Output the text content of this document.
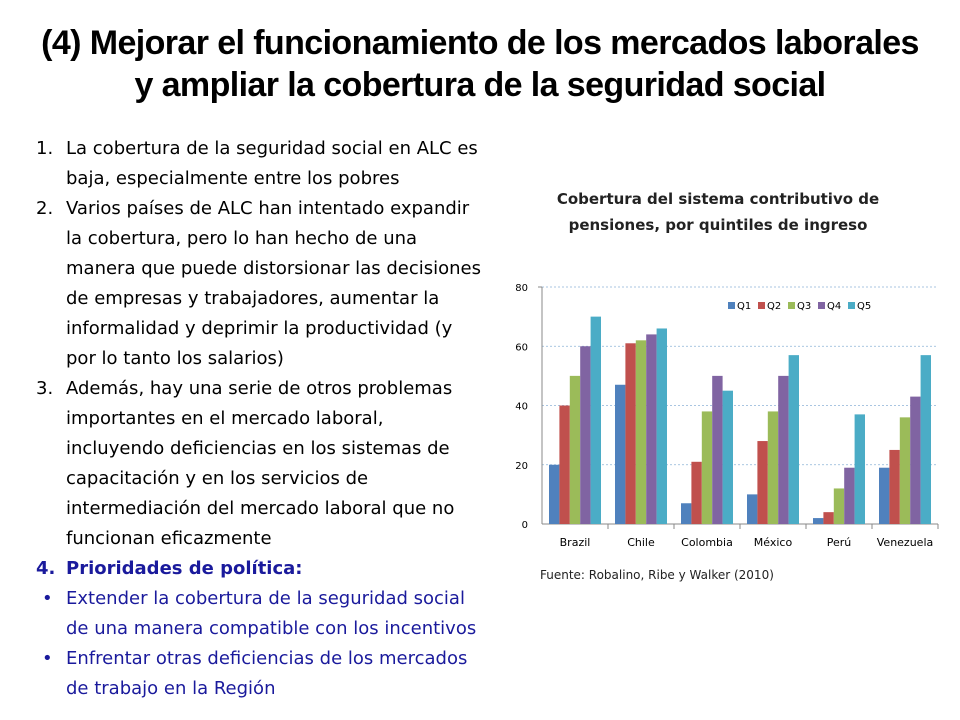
(4) Mejorar el funcionamiento de los mercados laborales
y ampliar la cobertura de la seguridad social
1. La cobertura de la seguridad social en ALC es baja, especialmente entre los pobres
2. Varios países de ALC han intentado expandir la cobertura, pero lo han hecho de una manera que puede distorsionar las decisiones de empresas y trabajadores, aumentar la informalidad y deprimir la productividad (y por lo tanto los salarios)
3. Además, hay una serie de otros problemas importantes en el mercado laboral, incluyendo deficiencias en los sistemas de capacitación y en los servicios de intermediación del mercado laboral que no funcionan eficazmente
4. Prioridades de política:
• Extender la cobertura de la seguridad social de una manera compatible con los incentivos
• Enfrentar otras deficiencias de los mercados de trabajo en la Región
Cobertura del sistema contributivo de pensiones, por quintiles de ingreso
0
20
40
60
80
Brazil	Chile Colombia México	Perú Venezuela
Q1 Q2 Q3 Q4 Q5
Fuente: Robalino, Ribe y Walker (2010)
